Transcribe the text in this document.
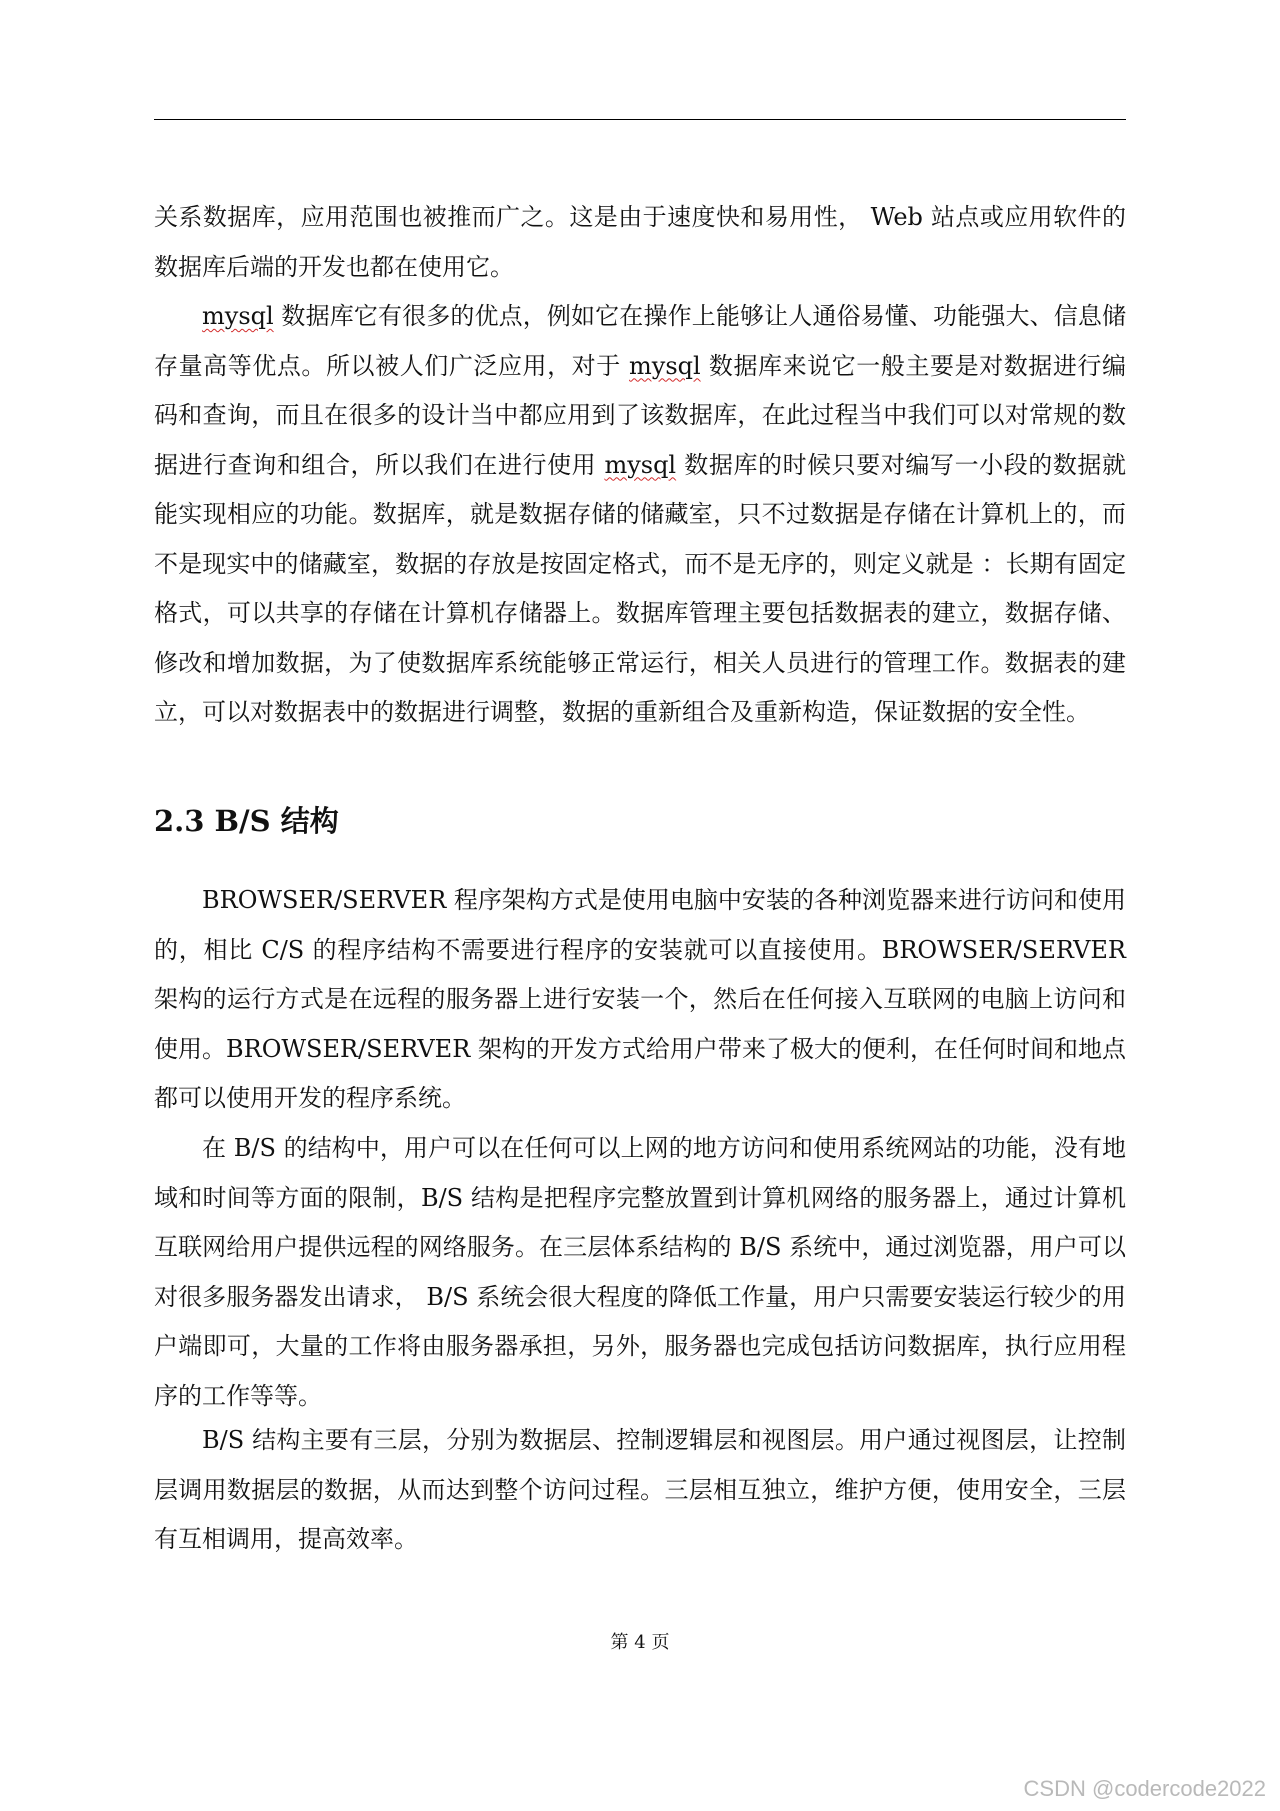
关系数据库，应用范围也被推而广之。这是由于速度快和易用性， Web 站点或应用软件的数据库后端的开发也都在使用它。

mysql 数据库它有很多的优点，例如它在操作上能够让人通俗易懂、功能强大、信息储存量高等优点。所以被人们广泛应用，对于 mysql 数据库来说它一般主要是对数据进行编码和查询，而且在很多的设计当中都应用到了该数据库，在此过程当中我们可以对常规的数据进行查询和组合，所以我们在进行使用 mysql 数据库的时候只要对编写一小段的数据就能实现相应的功能。数据库，就是数据存储的储藏室，只不过数据是存储在计算机上的，而不是现实中的储藏室，数据的存放是按固定格式，而不是无序的，则定义就是 ：长期有固定格式，可以共享的存储在计算机存储器上。数据库管理主要包括数据表的建立，数据存储、修改和增加数据，为了使数据库系统能够正常运行，相关人员进行的管理工作。数据表的建立，可以对数据表中的数据进行调整，数据的重新组合及重新构造，保证数据的安全性。

2.3 B/S 结构

BROWSER/SERVER 程序架构方式是使用电脑中安装的各种浏览器来进行访问和使用的，相比 C/S 的程序结构不需要进行程序的安装就可以直接使用。BROWSER/SERVER 架构的运行方式是在远程的服务器上进行安装一个，然后在任何接入互联网的电脑上访问和使用。BROWSER/SERVER 架构的开发方式给用户带来了极大的便利，在任何时间和地点都可以使用开发的程序系统。

在 B/S 的结构中，用户可以在任何可以上网的地方访问和使用系统网站的功能，没有地域和时间等方面的限制，B/S 结构是把程序完整放置到计算机网络的服务器上，通过计算机互联网给用户提供远程的网络服务。在三层体系结构的 B/S 系统中，通过浏览器，用户可以对很多服务器发出请求， B/S 系统会很大程度的降低工作量，用户只需要安装运行较少的用户端即可，大量的工作将由服务器承担，另外，服务器也完成包括访问数据库，执行应用程序的工作等等。

B/S 结构主要有三层，分别为数据层、控制逻辑层和视图层。用户通过视图层，让控制层调用数据层的数据，从而达到整个访问过程。三层相互独立，维护方便，使用安全，三层有互相调用，提高效率。

第 4 页
CSDN @codercode2022
